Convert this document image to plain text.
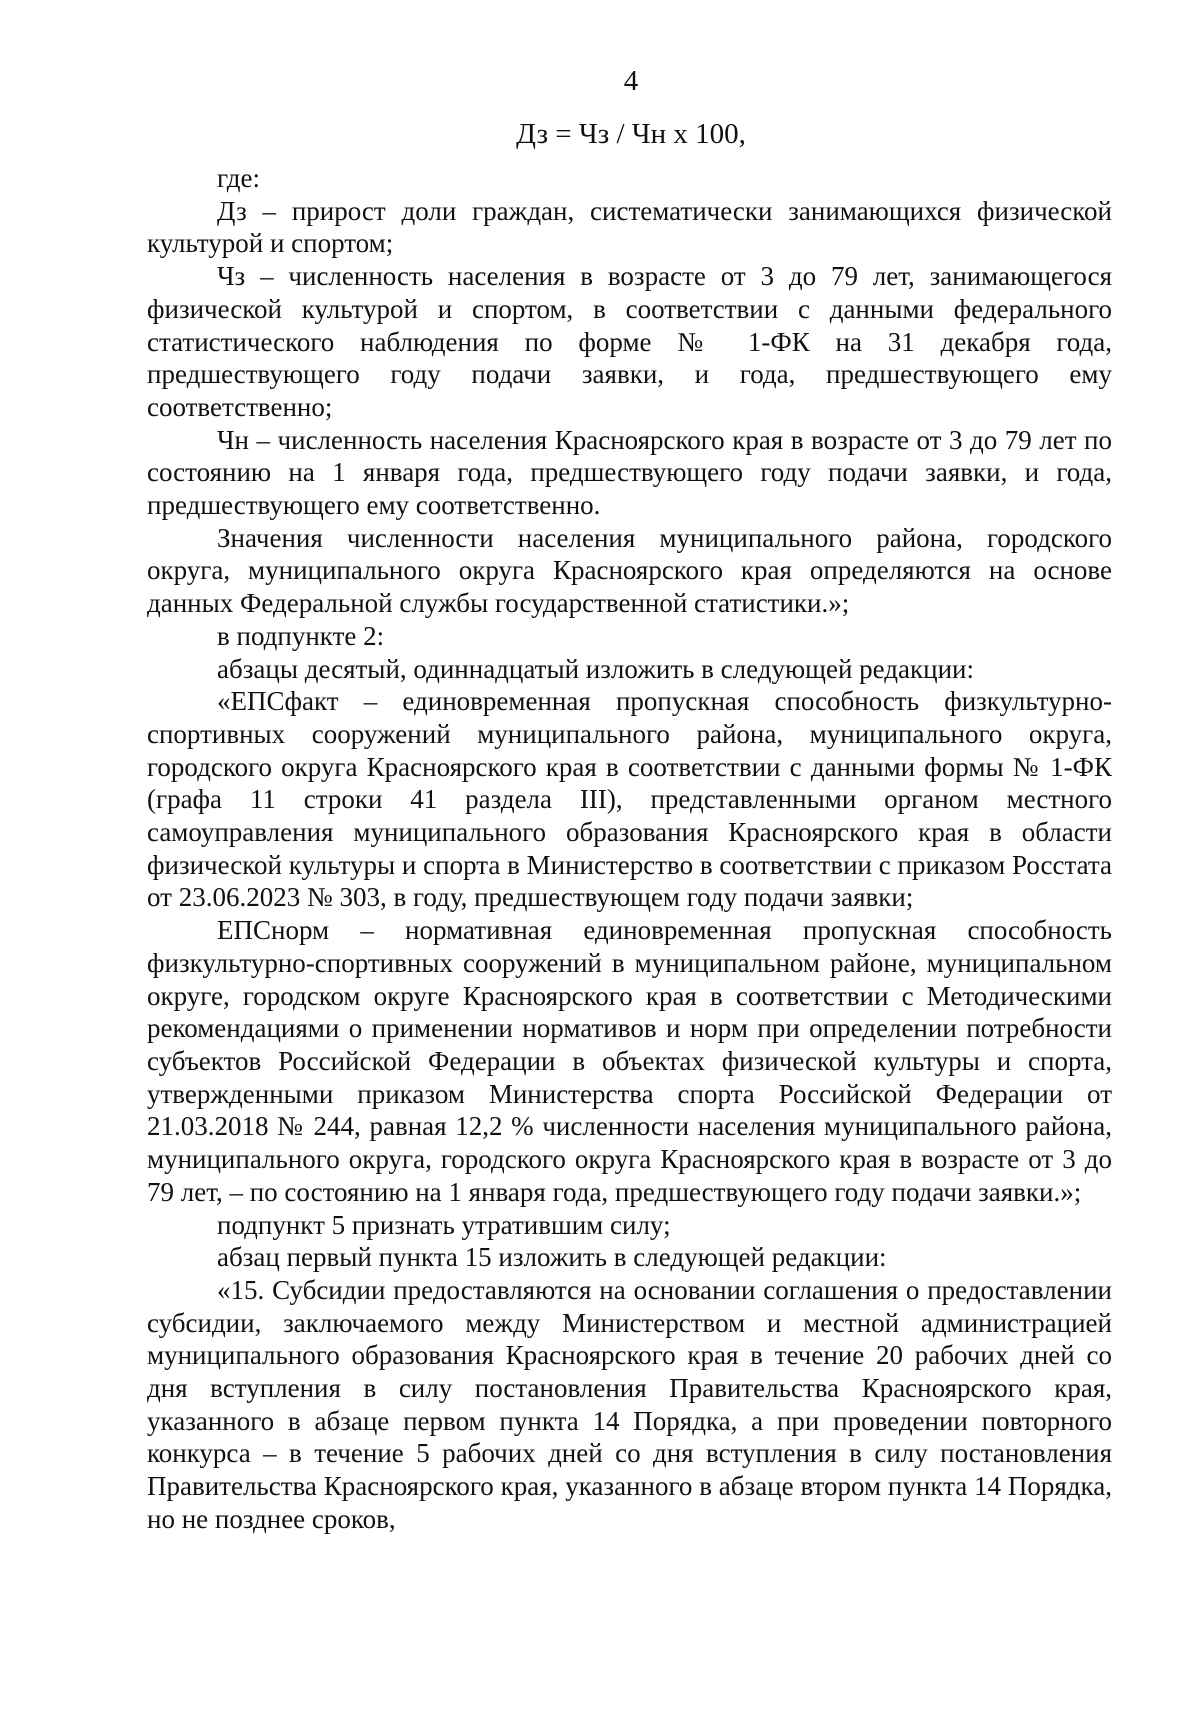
4
Дз = Чз / Чн х 100,

где:

Дз – прирост доли граждан, систематически занимающихся физической культурой и спортом;

Чз – численность населения в возрасте от 3 до 79 лет, занимающегося физической культурой и спортом, в соответствии с данными федерального статистического наблюдения по форме № 1-ФК на 31 декабря года, предшествующего году подачи заявки, и года, предшествующего ему соответственно;

Чн – численность населения Красноярского края в возрасте от 3 до 79 лет по состоянию на 1 января года, предшествующего году подачи заявки, и года, предшествующего ему соответственно.

Значения численности населения муниципального района, городского округа, муниципального округа Красноярского края определяются на основе данных Федеральной службы государственной статистики.»;

в подпункте 2:

абзацы десятый, одиннадцатый изложить в следующей редакции:

«ЕПСфакт – единовременная пропускная способность физкультурно-спортивных сооружений муниципального района, муниципального округа, городского округа Красноярского края в соответствии с данными формы № 1-ФК (графа 11 строки 41 раздела III), представленными органом местного самоуправления муниципального образования Красноярского края в области физической культуры и спорта в Министерство в соответствии с приказом Росстата от 23.06.2023 № 303, в году, предшествующем году подачи заявки;

ЕПСнорм – нормативная единовременная пропускная способность физкультурно-спортивных сооружений в муниципальном районе, муниципальном округе, городском округе Красноярского края в соответствии с Методическими рекомендациями о применении нормативов и норм при определении потребности субъектов Российской Федерации в объектах физической культуры и спорта, утвержденными приказом Министерства спорта Российской Федерации от 21.03.2018 № 244, равная 12,2 % численности населения муниципального района, муниципального округа, городского округа Красноярского края в возрасте от 3 до 79 лет, – по состоянию на 1 января года, предшествующего году подачи заявки.»;

подпункт 5 признать утратившим силу;

абзац первый пункта 15 изложить в следующей редакции:

«15. Субсидии предоставляются на основании соглашения о предоставлении субсидии, заключаемого между Министерством и местной администрацией муниципального образования Красноярского края в течение 20 рабочих дней со дня вступления в силу постановления Правительства Красноярского края, указанного в абзаце первом пункта 14 Порядка, а при проведении повторного конкурса – в течение 5 рабочих дней со дня вступления в силу постановления Правительства Красноярского края, указанного в абзаце втором пункта 14 Порядка, но не позднее сроков,
